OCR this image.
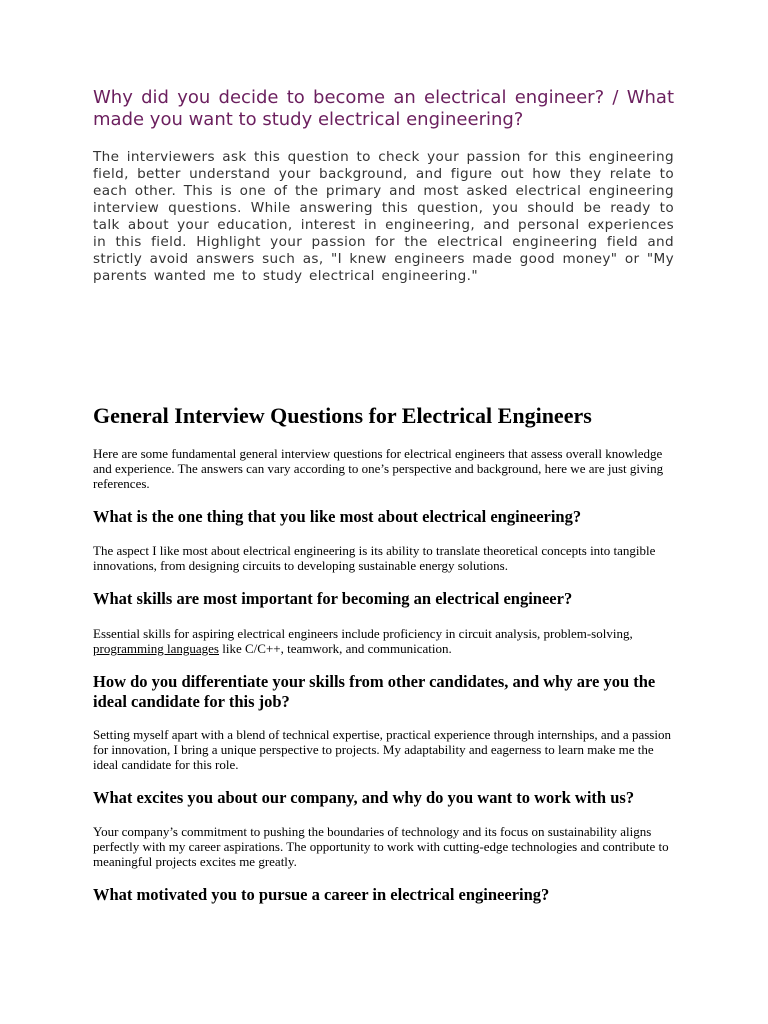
Why did you decide to become an electrical engineer? / What made you want to study electrical engineering?

The interviewers ask this question to check your passion for this engineering field, better understand your background, and figure out how they relate to each other. This is one of the primary and most asked electrical engineering interview questions. While answering this question, you should be ready to talk about your education, interest in engineering, and personal experiences in this field. Highlight your passion for the electrical engineering field and strictly avoid answers such as, "I knew engineers made good money" or "My parents wanted me to study electrical engineering."

General Interview Questions for Electrical Engineers

Here are some fundamental general interview questions for electrical engineers that assess overall knowledge and experience. The answers can vary according to one’s perspective and background, here we are just giving references.

What is the one thing that you like most about electrical engineering?

The aspect I like most about electrical engineering is its ability to translate theoretical concepts into tangible innovations, from designing circuits to developing sustainable energy solutions.

What skills are most important for becoming an electrical engineer?

Essential skills for aspiring electrical engineers include proficiency in circuit analysis, problem-solving, programming languages like C/C++, teamwork, and communication.

How do you differentiate your skills from other candidates, and why are you the ideal candidate for this job?

Setting myself apart with a blend of technical expertise, practical experience through internships, and a passion for innovation, I bring a unique perspective to projects. My adaptability and eagerness to learn make me the ideal candidate for this role.

What excites you about our company, and why do you want to work with us?

Your company’s commitment to pushing the boundaries of technology and its focus on sustainability aligns perfectly with my career aspirations. The opportunity to work with cutting-edge technologies and contribute to meaningful projects excites me greatly.

What motivated you to pursue a career in electrical engineering?
